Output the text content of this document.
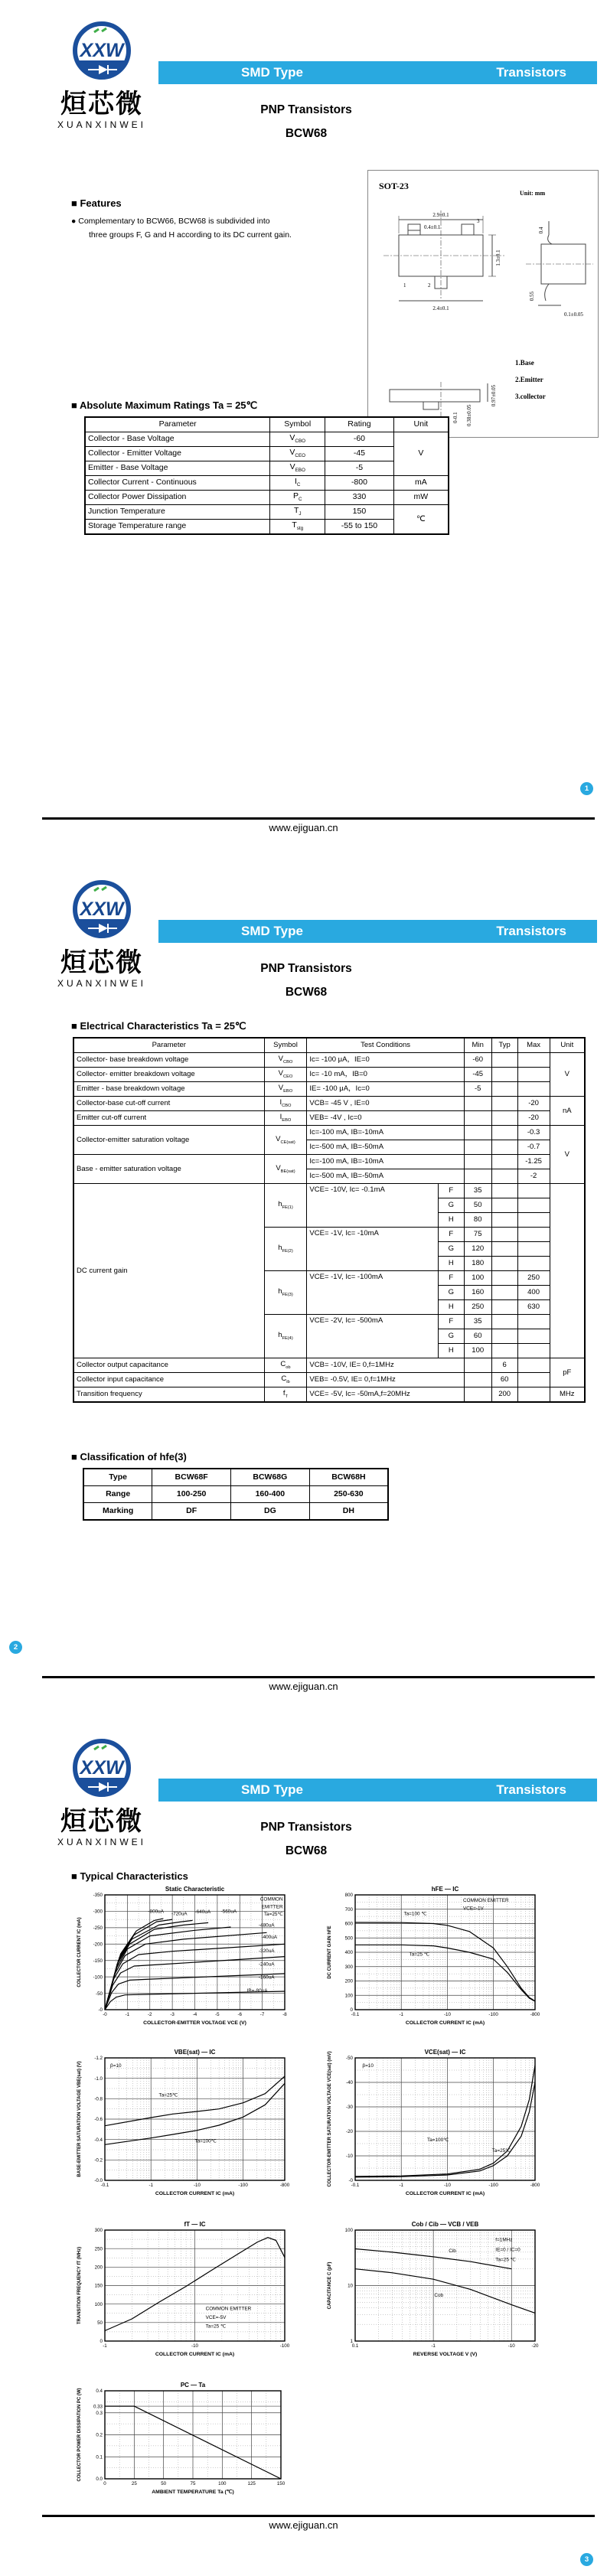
XXW
烜芯微
XUANXINWEI
SMD Type	Transistors
PNP Transistors
BCW68
■ Features
● Complementary to BCW66, BCW68 is subdivided into
three groups F, G and H according to its DC current gain.
SOT-23
Unit: mm
2.9±0.1
0.4±0.1
1	2
3
1.3±0.1
2.4±0.1
0.4
0.55
0.1±0.05
0.97±0.05
0-0.1 0.38±0.05
1.Base
2.Emitter
3.collector
■ Absolute Maximum Ratings Ta = 25℃
Parameter	Symbol	Rating	Unit
Collector - Base Voltage	$V_{CBO}$	-60	V
Collector - Emitter Voltage	$V_{CEO}$	-45	
Emitter - Base Voltage	$V_{EBO}$	-5	
Collector Current - Continuous	$I_C$	-800	mA
Collector Power Dissipation	$P_C$	330	mW
Junction Temperature	$T_J$	150	℃
Storage Temperature range	$T_{stg}$	-55 to 150	
www.ejiguan.cn
1
XXW
烜芯微
XUANXINWEI
SMD Type	Transistors
PNP Transistors
BCW68
■ Electrical Characteristics Ta = 25℃
Parameter	Symbol	Test Conditions		Min	Typ	Max	Unit
Collector- base breakdown voltage	$V_{CBO}$	Ic= -100 μA，IE=0		-60			V
Collector- emitter breakdown voltage	$V_{CEO}$	Ic= -10 mA，IB=0		-45			
Emitter - base breakdown voltage	$V_{EBO}$	IE= -100 μA，Ic=0		-5			
Collector-base cut-off current	$I_{CBO}$	VCB= -45 V , IE=0				-20	nA
Emitter cut-off current	$I_{EBO}$	VEB= -4V , Ic=0				-20	
Collector-emitter saturation voltage	$V_{CE(sat)}$	Ic=-100 mA, IB=-10mA				-0.3	V
		Ic=-500 mA, IB=-50mA				-0.7	
Base - emitter saturation voltage	$V_{BE(sat)}$	Ic=-100 mA, IB=-10mA				-1.25	
		Ic=-500 mA, IB=-50mA				-2	
DC current gain	$h_{FE(1)}$	VCE= -10V, Ic= -0.1mA	F	35			
			G	50			
			H	80			
	$h_{FE(2)}$	VCE= -1V, Ic= -10mA	F	75			
			G	120			
			H	180			
	$h_{FE(3)}$	VCE= -1V, Ic= -100mA	F	100		250	
			G	160		400	
			H	250		630	
	$h_{FE(4)}$	VCE= -2V, Ic= -500mA	F	35			
			G	60			
			H	100			
Collector output capacitance	$C_{ob}$	VCB= -10V, IE= 0,f=1MHz			6		pF
Collector input capacitance	$C_{ib}$	VEB= -0.5V, IE= 0,f=1MHz			60		
Transition frequency	$f_T$	VCE= -5V, Ic= -50mA,f=20MHz			200		MHz
■ Classification of hfe(3)
Type	BCW68F	BCW68G	BCW68H
Range	100-250	160-400	250-630
Marking	DF	DG	DH
www.ejiguan.cn
2
XXW
烜芯微
XUANXINWEI
SMD Type	Transistors
PNP Transistors
BCW68
■ Typical Characteristics
-0	-1	-2	-3	-4	-5	-6	-7	-8
-0
-50
-100
-150
-200
-250
-300
-350
-800uA -720uA -640uA -560uA
-480uA
-400uA
-320uA
-240uA
-160uA
IB=-80uA
COMMON
EMITTER
Ta=25℃
Static Characteristic
COLLECTOR-EMITTER VOLTAGE VCE (V)
COLLECTOR CURRENT IC (mA)
-0.1	-1	-10	-100	-800
0
100
200
300
400
500
600
700
800
Ta=100 ℃
Ta=25 ℃
COMMON EMITTER
VCE=-1V
hFE — IC
COLLECTOR CURRENT IC (mA)
DC CURRENT GAIN hFE
-0.1	-1	-10	-100	-800
-0.0
-0.2
-0.4
-0.6
-0.8
-1.0
-1.2
Ta=25℃
Ta=100℃
β=10
VBE(sat) — IC
COLLECTOR CURRENT IC (mA)
BASE-EMITTER SATURATION VOLTAGE VBE(sat) (V)
-0.1	-1	-10	-100	-800
-0
-10
-20
-30
-40
-50
Ta=100℃
Ta=25℃
β=10
VCE(sat) — IC
COLLECTOR CURRENT IC (mA)
COLLECTOR-EMITTER SATURATION VOLTAGE VCE(sat) (mV)
-1	-10	-100
0
50
100
150
200
250
300
COMMON EMITTER
VCE=-5V
Ta=25 ℃
fT — IC
COLLECTOR CURRENT IC (mA)
TRANSITION FREQUENCY fT (MHz)
0.1	-1	-10	-20
1
10
100
Cib
Cob
f=1MHz
IE=0 / IC=0
Ta=25 ℃
Cob / Cib — VCB / VEB
REVERSE VOLTAGE V (V)
CAPACITANCE C (pF)
0	25	50	75	100	125	150
0.0
0.1
0.2
0.3
0.4
0.33
PC — Ta
AMBIENT TEMPERATURE Ta (℃)
COLLECTOR POWER DISSIPATION PC (W)
www.ejiguan.cn
3
